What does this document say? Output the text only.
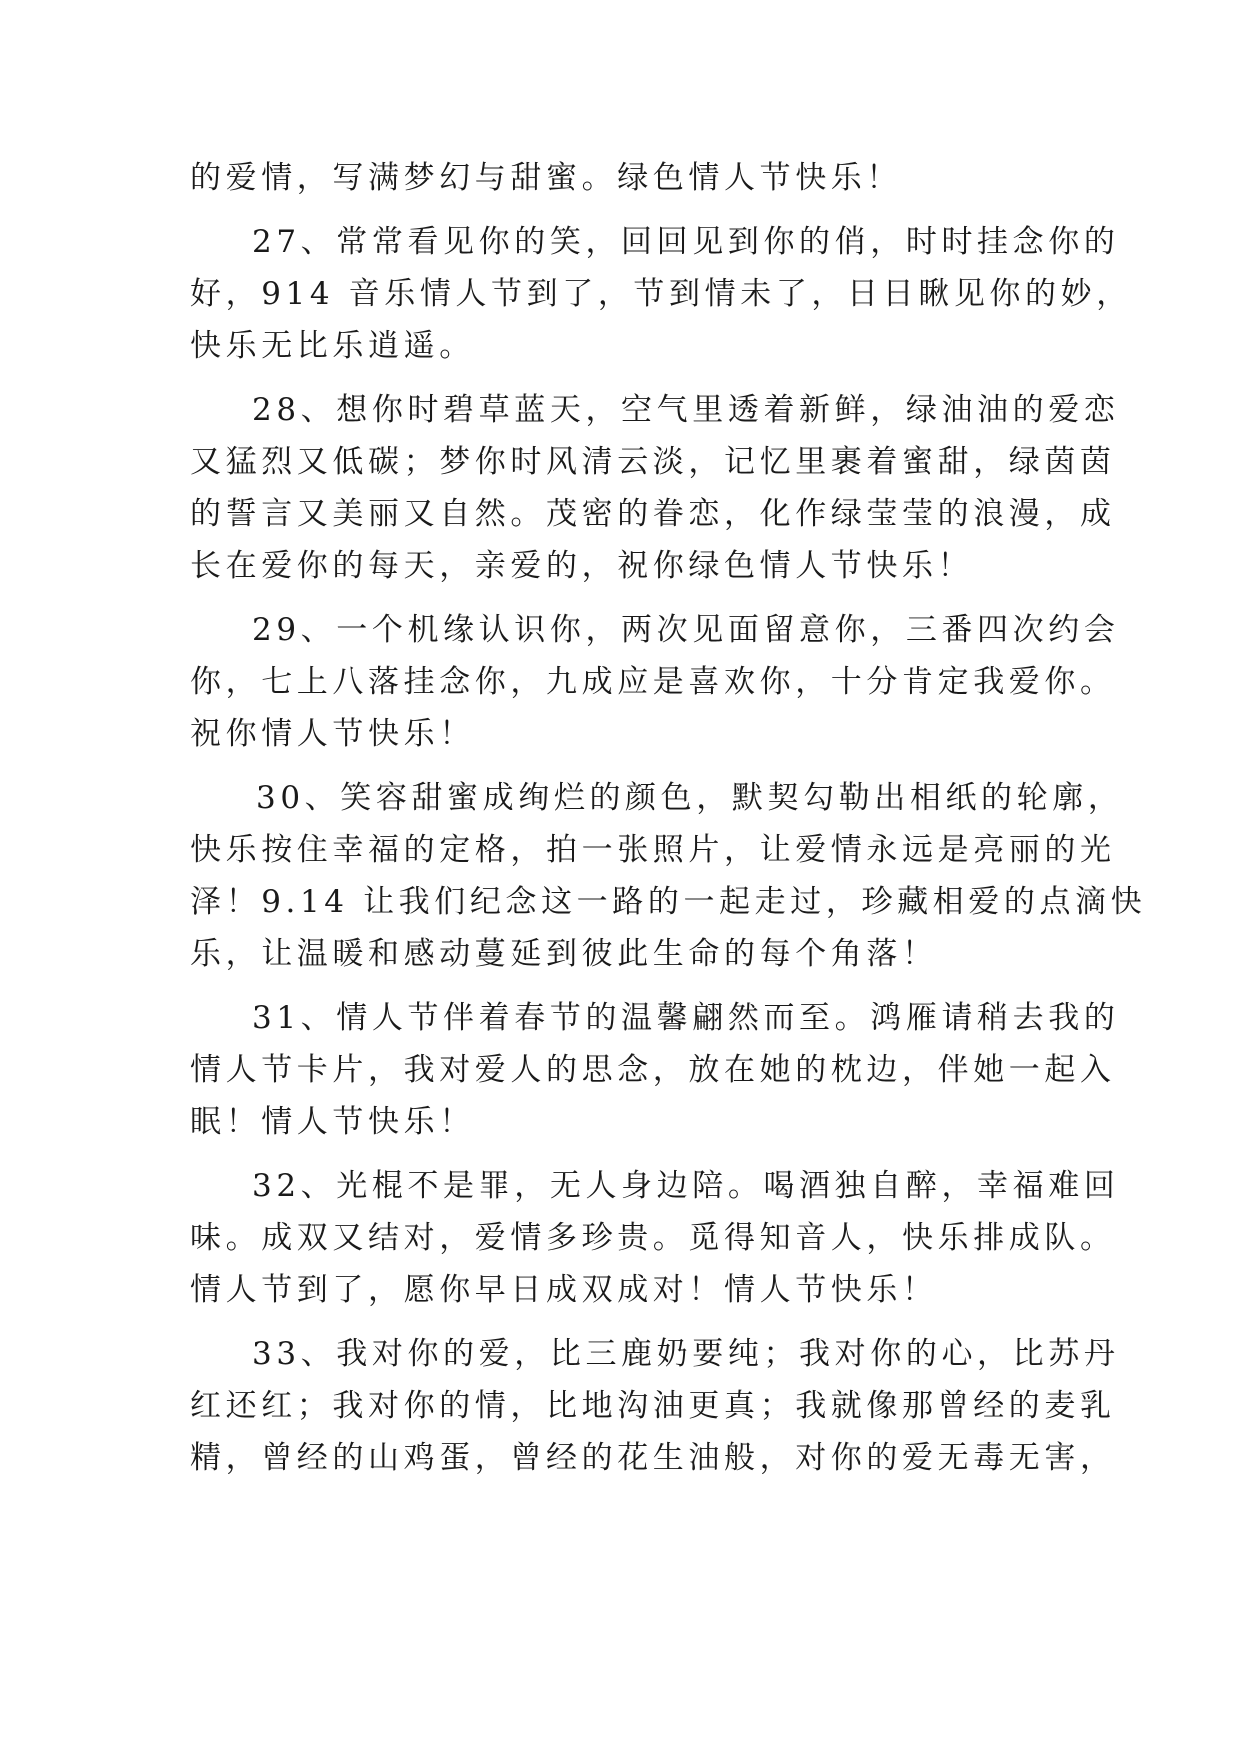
的爱情，写满梦幻与甜蜜。绿色情人节快乐！

27、常常看见你的笑，回回见到你的俏，时时挂念你的

好，914 音乐情人节到了，节到情未了，日日瞅见你的妙，

快乐无比乐逍遥。

28、想你时碧草蓝天，空气里透着新鲜，绿油油的爱恋

又猛烈又低碳；梦你时风清云淡，记忆里裹着蜜甜，绿茵茵

的誓言又美丽又自然。茂密的眷恋，化作绿莹莹的浪漫，成

长在爱你的每天，亲爱的，祝你绿色情人节快乐！

29、一个机缘认识你，两次见面留意你，三番四次约会

你，七上八落挂念你，九成应是喜欢你，十分肯定我爱你。

祝你情人节快乐！

30、笑容甜蜜成绚烂的颜色，默契勾勒出相纸的轮廓，

快乐按住幸福的定格，拍一张照片，让爱情永远是亮丽的光

泽！9.14 让我们纪念这一路的一起走过，珍藏相爱的点滴快

乐，让温暖和感动蔓延到彼此生命的每个角落！

31、情人节伴着春节的温馨翩然而至。鸿雁请稍去我的

情人节卡片，我对爱人的思念，放在她的枕边，伴她一起入

眠！情人节快乐！

32、光棍不是罪，无人身边陪。喝酒独自醉，幸福难回

味。成双又结对，爱情多珍贵。觅得知音人，快乐排成队。

情人节到了，愿你早日成双成对！情人节快乐！

33、我对你的爱，比三鹿奶要纯；我对你的心，比苏丹

红还红；我对你的情，比地沟油更真；我就像那曾经的麦乳

精，曾经的山鸡蛋，曾经的花生油般，对你的爱无毒无害，
